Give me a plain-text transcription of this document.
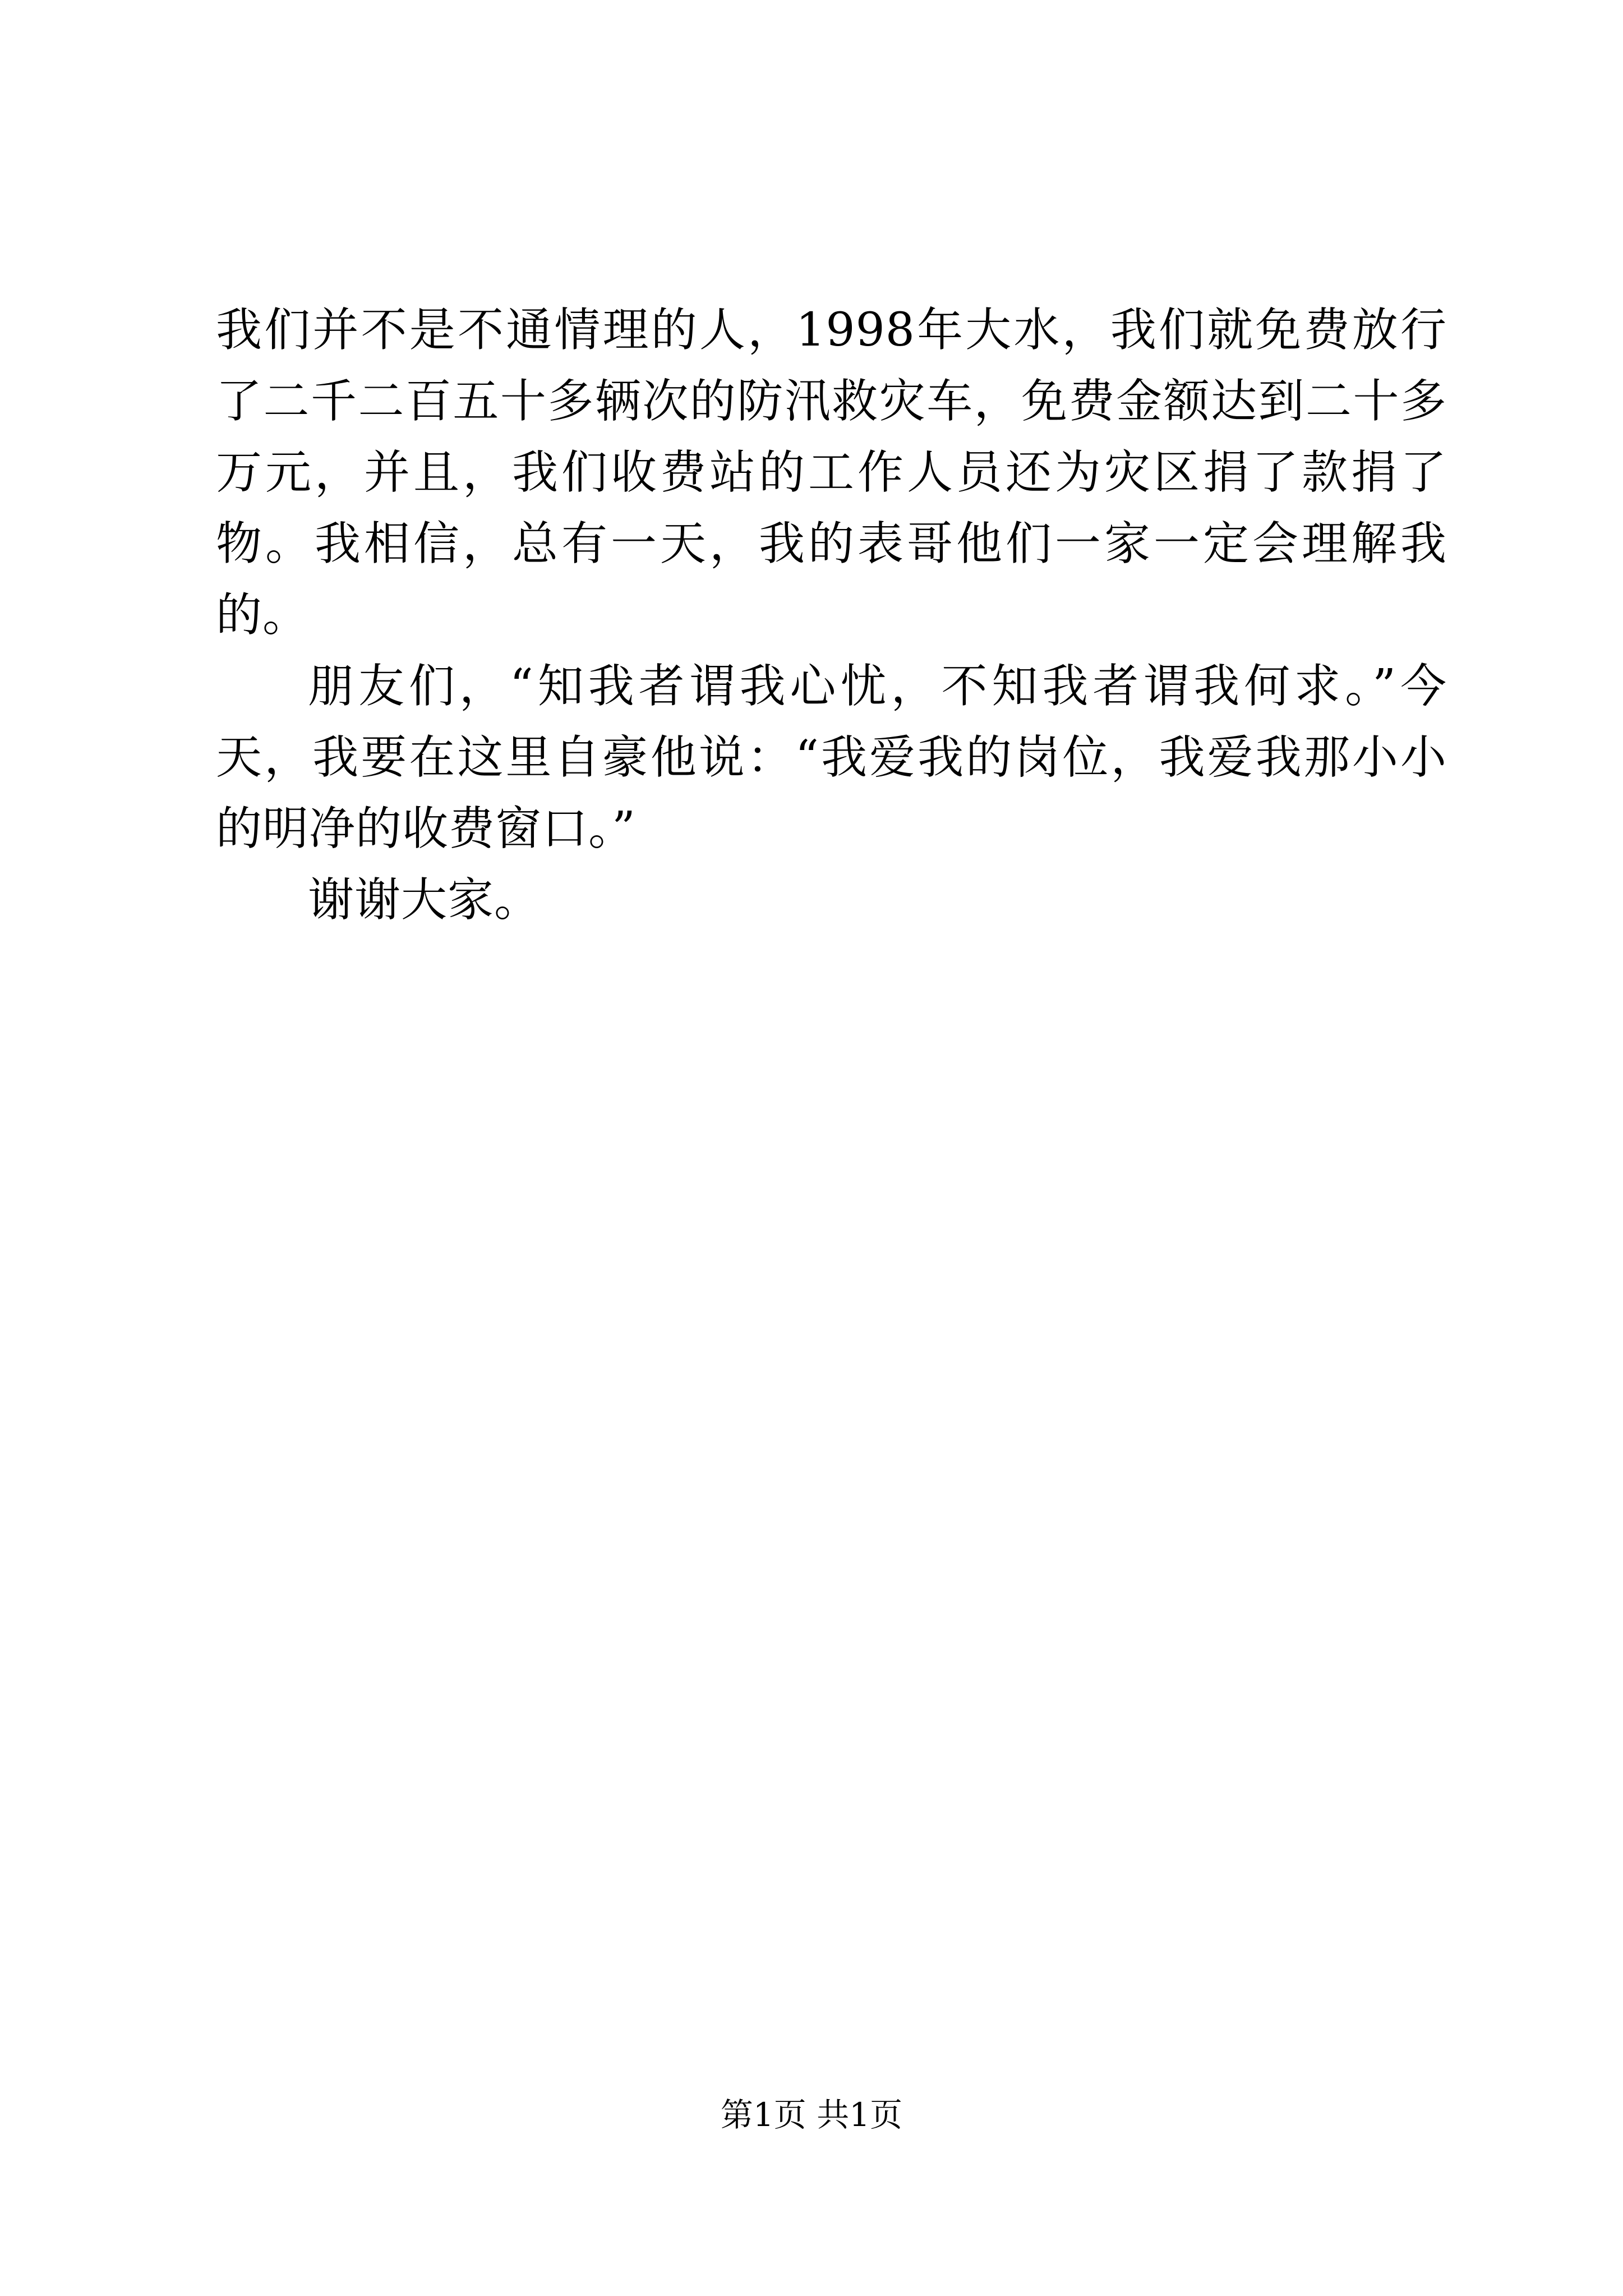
我们并不是不通情理的人，1998年大水，我们就免费放行了二千二百五十多辆次的防汛救灾车，免费金额达到二十多万元，并且，我们收费站的工作人员还为灾区捐了款捐了物。我相信，总有一天，我的表哥他们一家一定会理解我的。

朋友们，“知我者谓我心忧，不知我者谓我何求。”今天，我要在这里自豪他说：“我爱我的岗位，我爱我那小小的明净的收费窗口。”

谢谢大家。

第1页 共1页
